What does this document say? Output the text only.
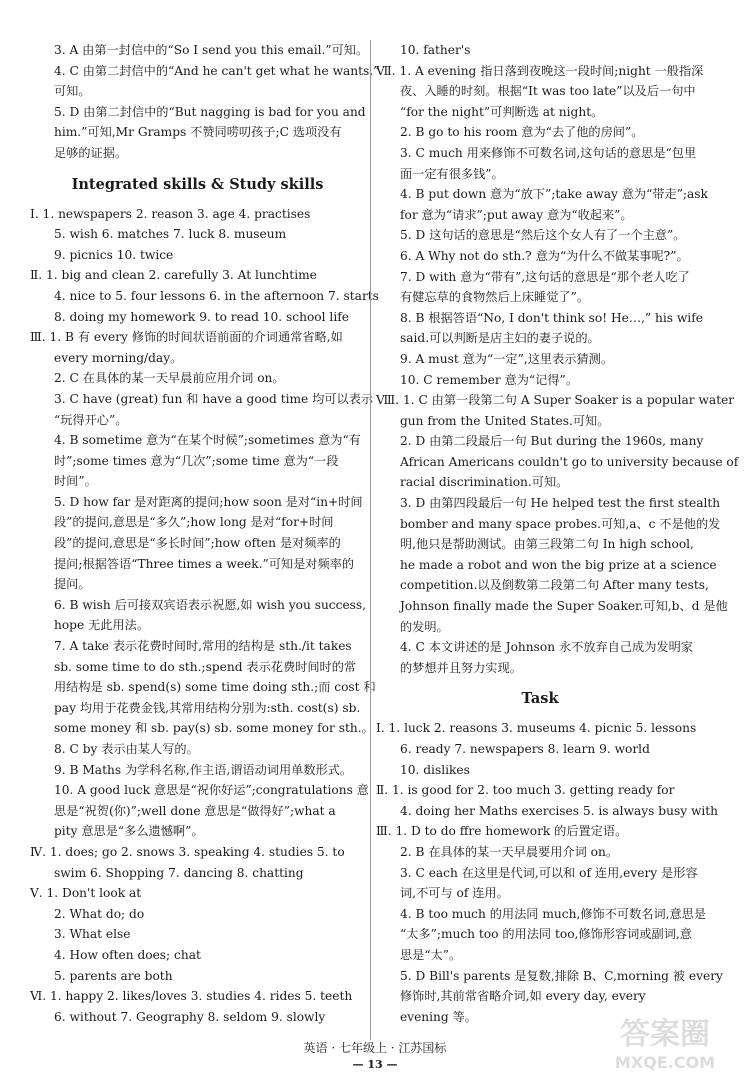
3. A 由第一封信中的“So I send you this email.”可知。
4. C 由第二封信中的“And he can't get what he wants.”
可知。
5. D 由第二封信中的“But nagging is bad for you and
him.”可知,Mr Gramps 不赞同唠叨孩子;C 选项没有
足够的证据。
Integrated skills & Study skills
Ⅰ. 1. newspapers 2. reason 3. age 4. practises
5. wish 6. matches 7. luck 8. museum
9. picnics 10. twice
Ⅱ. 1. big and clean 2. carefully 3. At lunchtime
4. nice to 5. four lessons 6. in the afternoon 7. starts
8. doing my homework 9. to read 10. school life
Ⅲ. 1. B 有 every 修饰的时间状语前面的介词通常省略,如
every morning/day。
2. C 在具体的某一天早晨前应用介词 on。
3. C have (great) fun 和 have a good time 均可以表示
“玩得开心”。
4. B sometime 意为“在某个时候”;sometimes 意为“有
时”;some times 意为“几次”;some time 意为“一段
时间”。
5. D how far 是对距离的提问;how soon 是对“in+时间
段”的提问,意思是“多久”;how long 是对“for+时间
段”的提问,意思是“多长时间”;how often 是对频率的
提问;根据答语“Three times a week.”可知是对频率的
提问。
6. B wish 后可接双宾语表示祝愿,如 wish you success,
hope 无此用法。
7. A take 表示花费时间时,常用的结构是 sth./it takes
sb. some time to do sth.;spend 表示花费时间时的常
用结构是 sb. spend(s) some time doing sth.;而 cost 和
pay 均用于花费金钱,其常用结构分别为:sth. cost(s) sb.
some money 和 sb. pay(s) sb. some money for sth.。
8. C by 表示由某人写的。
9. B Maths 为学科名称,作主语,谓语动词用单数形式。
10. A good luck 意思是“祝你好运”;congratulations 意
思是“祝贺(你)”;well done 意思是“做得好”;what a
pity 意思是“多么遗憾啊”。
Ⅳ. 1. does; go 2. snows 3. speaking 4. studies 5. to
swim 6. Shopping 7. dancing 8. chatting
Ⅴ. 1. Don't look at
2. What do; do
3. What else
4. How often does; chat
5. parents are both
Ⅵ. 1. happy 2. likes/loves 3. studies 4. rides 5. teeth
6. without 7. Geography 8. seldom 9. slowly
10. father's
Ⅶ. 1. A evening 指日落到夜晚这一段时间;night 一般指深
夜、入睡的时刻。根据“It was too late”以及后一句中
“for the night”可判断选 at night。
2. B go to his room 意为“去了他的房间”。
3. C much 用来修饰不可数名词,这句话的意思是“包里
面一定有很多钱”。
4. B put down 意为“放下”;take away 意为“带走”;ask
for 意为“请求”;put away 意为“收起来”。
5. D 这句话的意思是“然后这个女人有了一个主意”。
6. A Why not do sth.? 意为“为什么不做某事呢?”。
7. D with 意为“带有”,这句话的意思是“那个老人吃了
有健忘草的食物然后上床睡觉了”。
8. B 根据答语“No, I don't think so! He…,” his wife
said.可以判断是店主妇的妻子说的。
9. A must 意为“一定”,这里表示猜测。
10. C remember 意为“记得”。
Ⅷ. 1. C 由第一段第二句 A Super Soaker is a popular water
gun from the United States.可知。
2. D 由第二段最后一句 But during the 1960s, many
African Americans couldn't go to university because of
racial discrimination.可知。
3. D 由第四段最后一句 He helped test the first stealth
bomber and many space probes.可知,a、c 不是他的发
明,他只是帮助测试。由第三段第二句 In high school,
he made a robot and won the big prize at a science
competition.以及倒数第二段第二句 After many tests,
Johnson finally made the Super Soaker.可知,b、d 是他
的发明。
4. C 本文讲述的是 Johnson 永不放弃自己成为发明家
的梦想并且努力实现。
Task
Ⅰ. 1. luck 2. reasons 3. museums 4. picnic 5. lessons
6. ready 7. newspapers 8. learn 9. world
10. dislikes
Ⅱ. 1. is good for 2. too much 3. getting ready for
4. doing her Maths exercises 5. is always busy with
Ⅲ. 1. D to do ffre homework 的后置定语。
2. B 在具体的某一天早晨要用介词 on。
3. C each 在这里是代词,可以和 of 连用,every 是形容
词,不可与 of 连用。
4. B too much 的用法同 much,修饰不可数名词,意思是
“太多”;much too 的用法同 too,修饰形容词或副词,意
思是“太”。
5. D Bill's parents 是复数,排除 B、C,morning 被 every
修饰时,其前常省略介词,如 every day, every
evening 等。
英语 · 七年级上 · 江苏国标
— 13 —
答案圈
MXQE.COM
